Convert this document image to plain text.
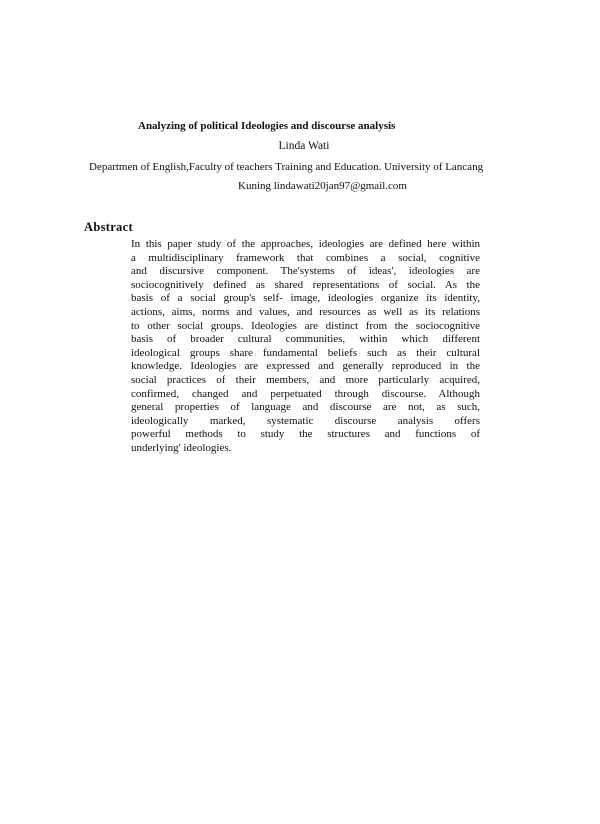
Analyzing of political Ideologies and discourse analysis
Linda Wati
Departmen of English,Faculty of teachers Training and Education. University of Lancang
Kuning lindawati20jan97@gmail.com
Abstract
In this paper study of the approaches, ideologies are defined here within
a multidisciplinary framework that combines a social, cognitive
and discursive component. The'systems of ideas', ideologies are
sociocognitively defined as shared representations of social. As the
basis of a social group's self- image, ideologies organize its identity,
actions, aims, norms and values, and resources as well as its relations
to other social groups. Ideologies are distinct from the sociocognitive
basis of broader cultural communities, within which different
ideological groups share fundamental beliefs such as their cultural
knowledge. Ideologies are expressed and generally reproduced in the
social practices of their members, and more particularly acquired,
confirmed, changed and perpetuated through discourse. Although
general properties of language and discourse are not, as such,
ideologically marked, systematic discourse analysis offers
powerful methods to study the structures and functions of
underlying' ideologies.
